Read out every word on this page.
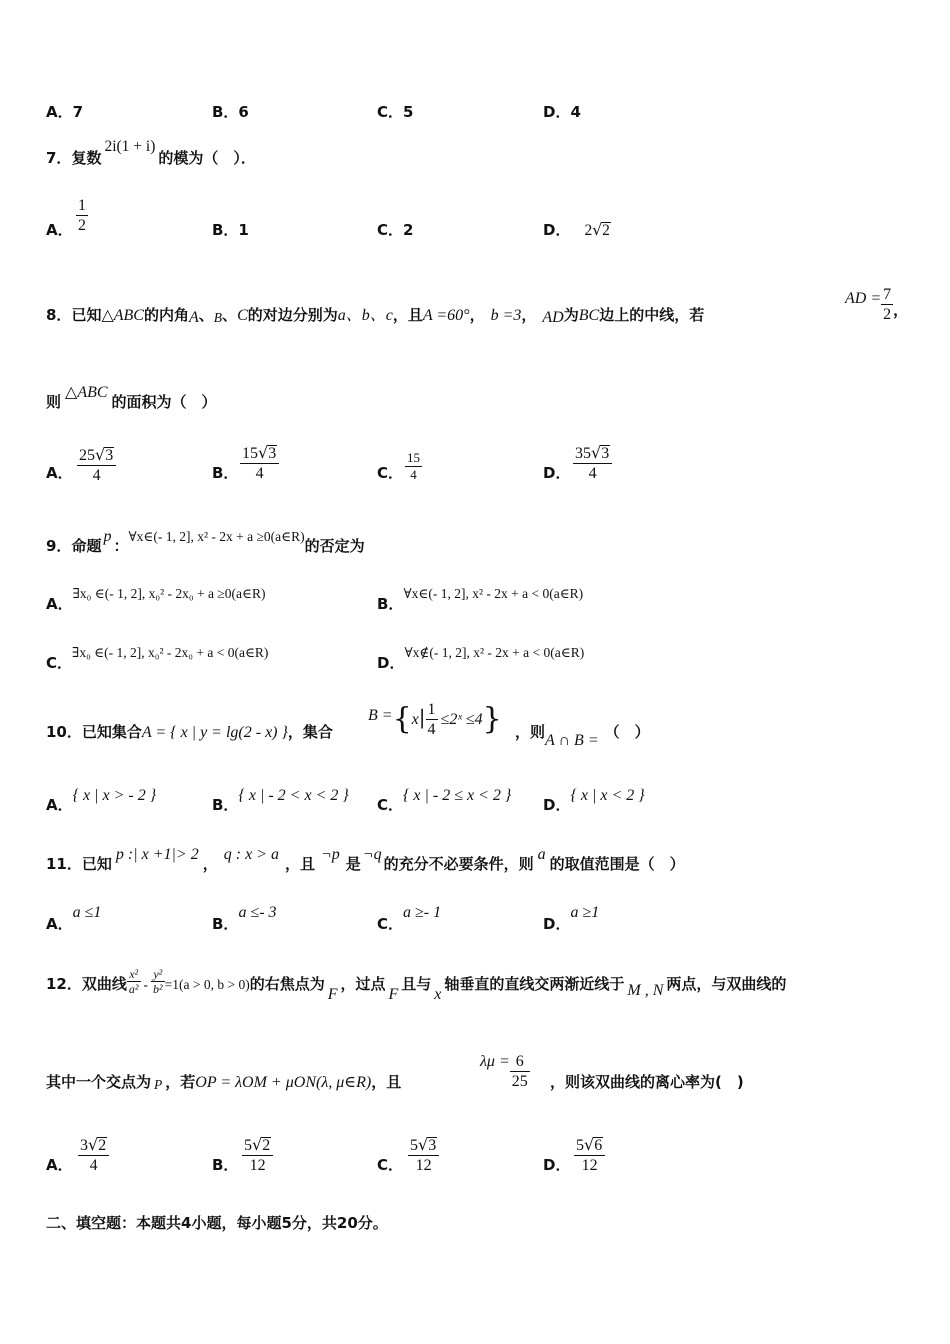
A．7	B．6	C．5	D．4
7．复数2i(1 + i)的模为（　）．
A． $\frac{1}{2}$	B．1	C．2	D． 2√2
8．已知△ABC的内角A、B、C的对边分别为a、b、c，且A =60°， b =3， AD为BC边上的中线，若
AD = $\frac{7}{2}$ ，
则△ABC的面积为（　）
A． $\frac{25√3}{4}$	B． $\frac{15√3}{4}$	C． $\frac{15}{4}$	D． $\frac{35√3}{4}$
9．命题p：∀x∈(- 1, 2], x² - 2x + a ≥0(a∈R)的否定为
A．∃x₀ ∈(- 1, 2], x₀² - 2x₀ + a ≥0(a∈R)
B．∀x∈(- 1, 2], x² - 2x + a < 0(a∈R)
C．∃x₀ ∈(- 1, 2], x₀² - 2x₀ + a < 0(a∈R)
D．∀x∉(- 1, 2], x² - 2x + a < 0(a∈R)
10．已知集合A = { x | y = lg(2 - x) }，集合
$B =\{x| \frac{1}{4}$ ≤2ˣ ≤4} ，则A ∩ B = （　）
A．{ x | x > - 2 }
B．{ x | - 2 < x < 2 }
C．{ x | - 2 ≤ x < 2 }
D．{ x | x < 2 }
11．已知p :| x +1|> 2，q : x > a，且¬p是¬q的充分不必要条件，则a的取值范围是（　）
A．a ≤1
B．a ≤- 3
C．a ≥- 1
D．a ≥1
12．双曲线 $\frac{\text{x²}}{\text{a²}} - \frac{\text{y²}}{\text{b²}} =1(a > 0$, b > 0)的右焦点为F，过点F且与x轴垂直的直线交两渐近线于 M , N 两点，与双曲线的
其中一个交点为 P ，若OP = λOM + μON(λ, μ∈R)，且
$\lambda\mu = \frac{6}{25}$ ，则该双曲线的离心率为(　)
A． $\frac{3√2}{4}$	B． $\frac{5√2}{12}$	C． $\frac{5√3}{12}$	D． $\frac{5√6}{12}$
二、填空题：本题共4小题，每小题5分，共20分。
